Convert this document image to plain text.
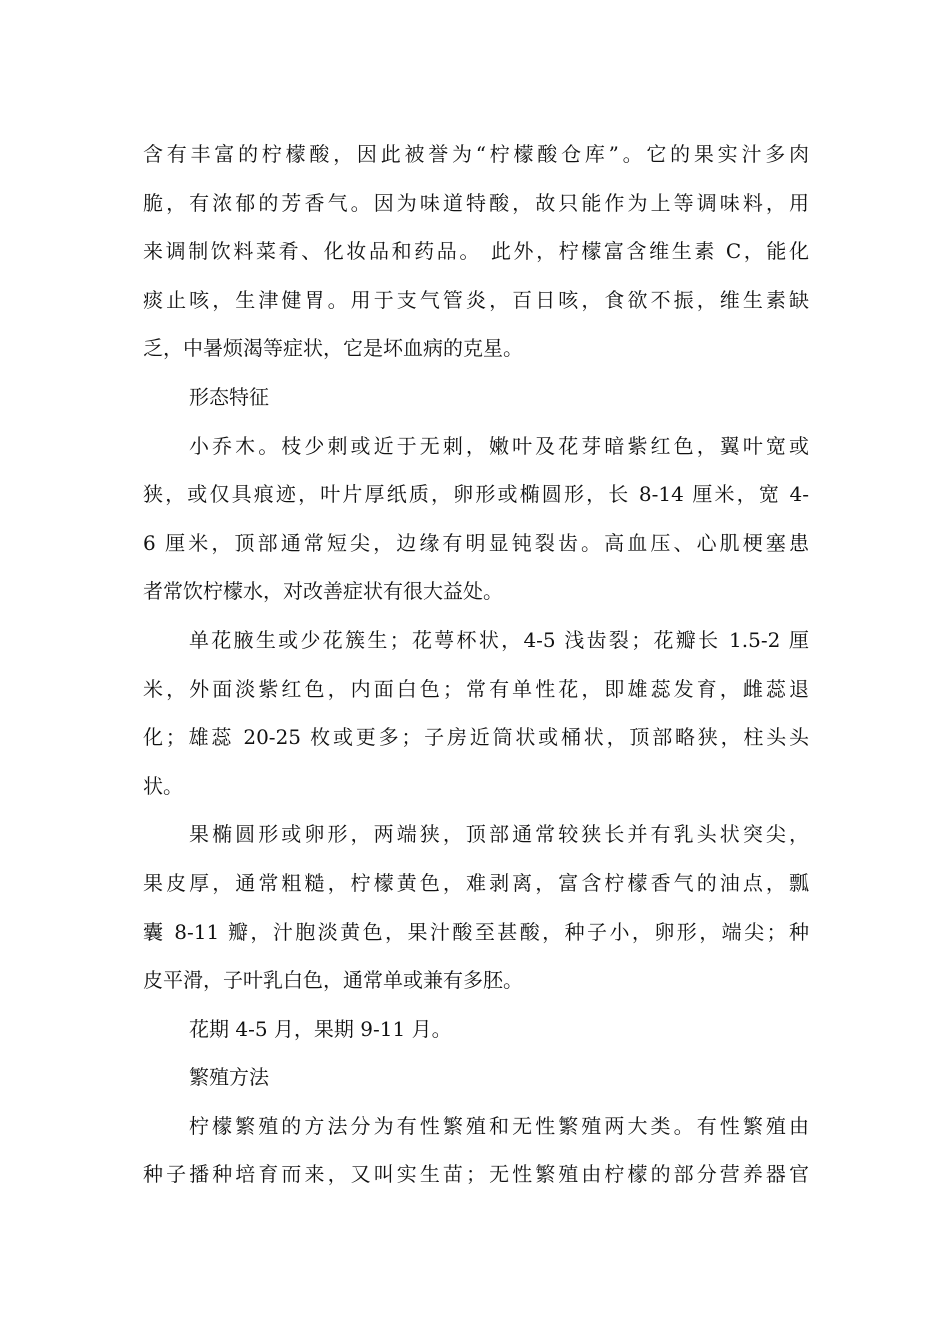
含有丰富的柠檬酸，因此被誉为“柠檬酸仓库”。它的果实汁多肉
脆，有浓郁的芳香气。因为味道特酸，故只能作为上等调味料，用
来调制饮料菜肴、化妆品和药品。 此外，柠檬富含维生素 C，能化
痰止咳，生津健胃。用于支气管炎，百日咳，食欲不振，维生素缺
乏，中暑烦渴等症状，它是坏血病的克星。
形态特征
小乔木。枝少刺或近于无刺，嫩叶及花芽暗紫红色，翼叶宽或
狭，或仅具痕迹，叶片厚纸质，卵形或椭圆形，长 8-14 厘米，宽 4-
6 厘米，顶部通常短尖，边缘有明显钝裂齿。高血压、心肌梗塞患
者常饮柠檬水，对改善症状有很大益处。
单花腋生或少花簇生；花萼杯状，4-5 浅齿裂；花瓣长 1.5-2 厘
米，外面淡紫红色，内面白色；常有单性花，即雄蕊发育，雌蕊退
化；雄蕊 20-25 枚或更多；子房近筒状或桶状，顶部略狭，柱头头
状。
果椭圆形或卵形，两端狭，顶部通常较狭长并有乳头状突尖，
果皮厚，通常粗糙，柠檬黄色，难剥离，富含柠檬香气的油点，瓢
囊 8-11 瓣，汁胞淡黄色，果汁酸至甚酸，种子小，卵形，端尖；种
皮平滑，子叶乳白色，通常单或兼有多胚。
花期 4-5 月，果期 9-11 月。
繁殖方法
柠檬繁殖的方法分为有性繁殖和无性繁殖两大类。有性繁殖由
种子播种培育而来，又叫实生苗；无性繁殖由柠檬的部分营养器官
